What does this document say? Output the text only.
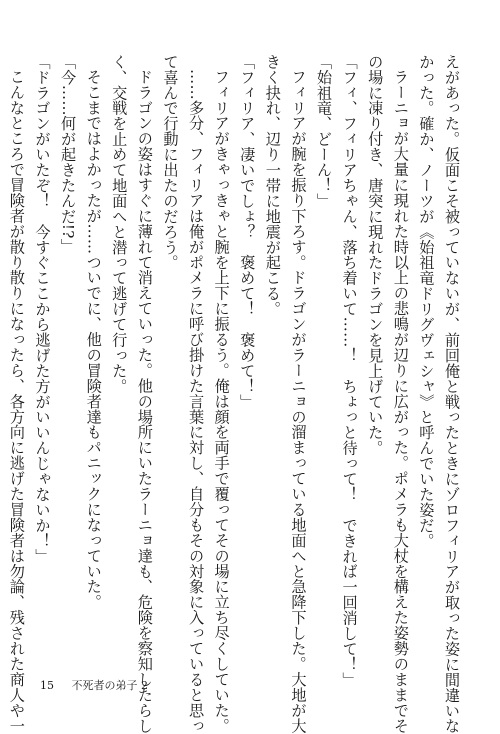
えがあった。仮面こそ被っていないが、前回俺と戦ったときにゾロフィリアが取った姿に間違いな
かった。確か、ノーツが《始祖竜ドリグヴェシャ》と呼んでいた姿だ。
ラーニョが大量に現れた時以上の悲鳴が辺りに広がった。ポメラも大杖を構えた姿勢のままでそ
の場に凍り付き、唐突に現れたドラゴンを見上げていた。
「フィ、フィリアちゃん、落ち着いて……！　ちょっと待って！　できれば一回消して！」
「始祖竜、どーん！」
フィリアが腕を振り下ろす。ドラゴンがラーニョの溜まっている地面へと急降下した。大地が大
きく抉れ、辺り一帯に地震が起こる。
「フィリア、凄いでしょ？　褒めて！　褒めて！」
フィリアがきゃっきゃと腕を上下に振るう。俺は顔を両手で覆ってその場に立ち尽くしていた。
……多分、フィリアは俺がポメラに呼び掛けた言葉に対し、自分もその対象に入っていると思っ
て喜んで行動に出たのだろう。
ドラゴンの姿はすぐに薄れて消えていった。他の場所にいたラーニョ達も、危険を察知したらし
く、交戦を止めて地面へと潜って逃げて行った。
そこまではよかったが……ついでに、他の冒険者達もパニックになっていた。
「今……何が起きたんだ!?」
「ドラゴンがいたぞ！　今すぐここから逃げた方がいいんじゃないか！」
こんなところで冒険者が散り散りになったら、各方向に逃げた冒険者は勿論、残された商人や一 15 不死者の弟子 2
